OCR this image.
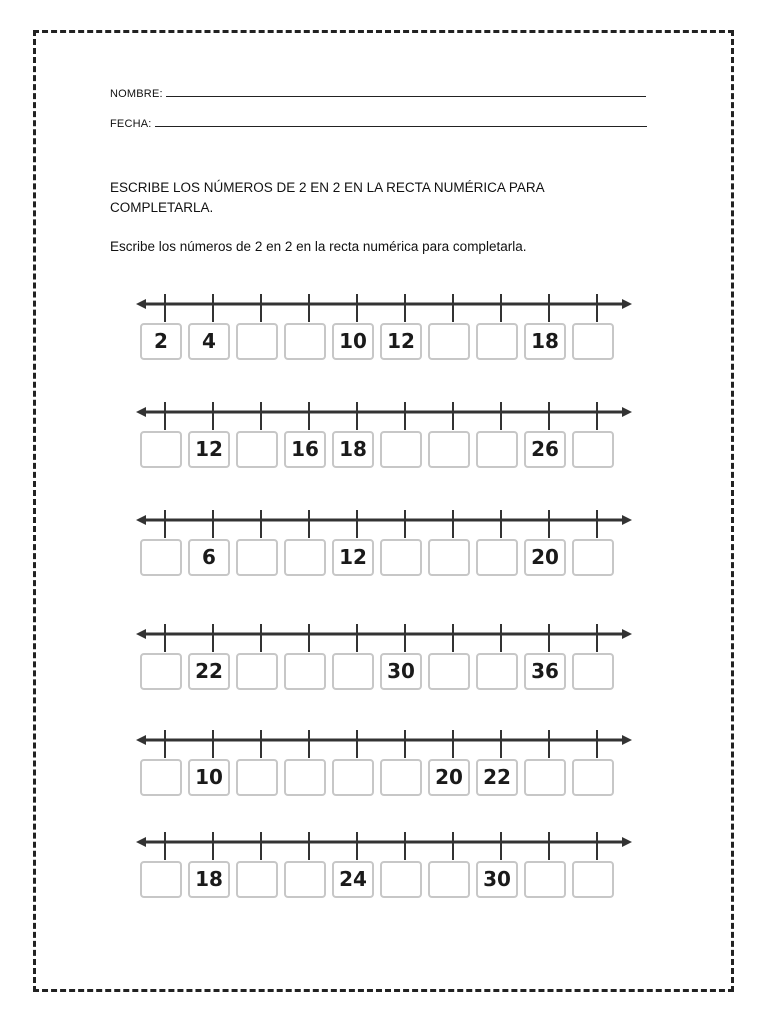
NOMBRE:
FECHA:
ESCRIBE LOS NÚMEROS DE 2 EN 2 EN LA RECTA NUMÉRICA PARA COMPLETARLA.
Escribe los números de 2 en 2 en la recta numérica para completarla.
2	4	10	12	18
12	16	18	26
6	12	20
22	30	36
10	20	22
18	24	30
